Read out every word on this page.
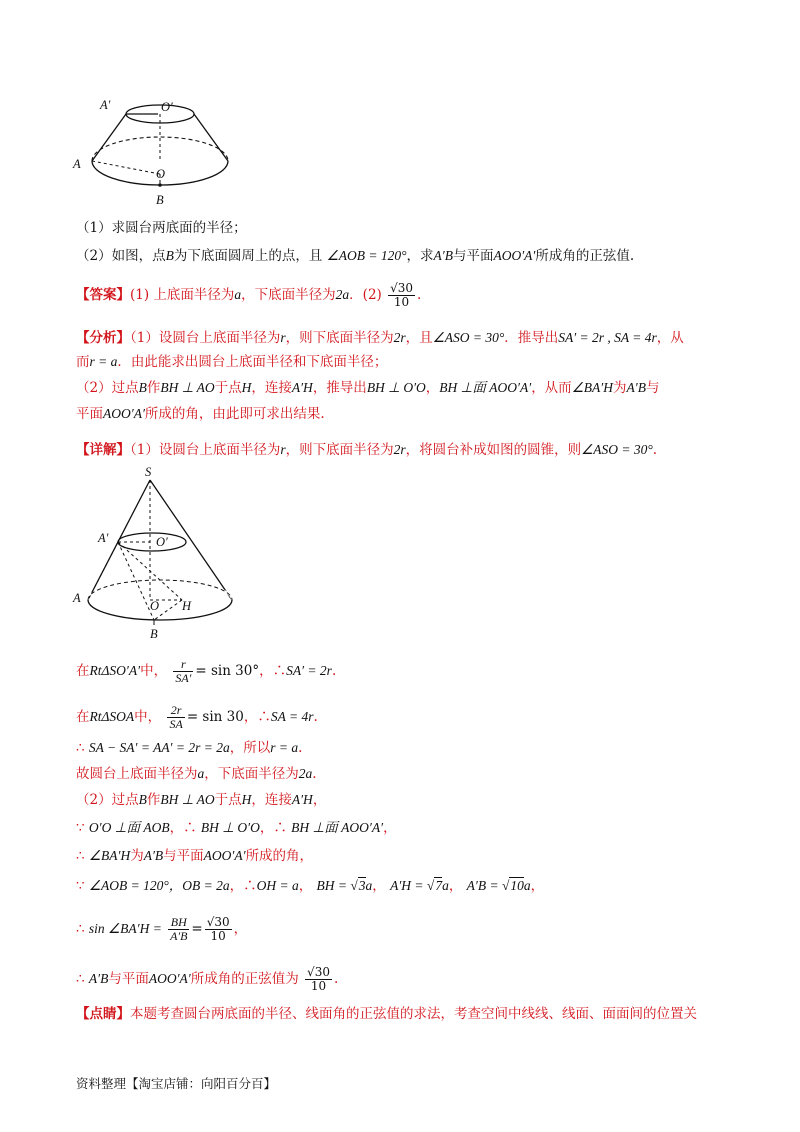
A′	O′
A
O
B
（1）求圆台两底面的半径；
（2）如图，点B为下底面圆周上的点，且 ∠AOB = 120°，求A′B与平面AOO′A′所成角的正弦值.
【答案】(1) 上底面半径为a，下底面半径为2a．$(2) \frac{√30}{10}$ .
【分析】（1）设圆台上底面半径为r，则下底面半径为2r，且∠ASO = 30°．推导出SA′ = 2r , SA = 4r，从
而r = a．由此能求出圆台上底面半径和下底面半径；
（2）过点B作BH ⊥ AO于点H，连接A′H，推导出BH ⊥ O′O，BH ⊥面 AOO′A′，从而∠BA′H为A′B与
平面AOO′A′所成的角，由此即可求出结果.
【详解】（1）设圆台上底面半径为r，则下底面半径为2r，将圆台补成如图的圆锥，则∠ASO = 30°.
S
A′	O′
A
O H
B
在RtΔSO′A′中， $\frac{r}{SA'} = \sin 30^\circ$，∴SA′ = 2r.
在RtΔSOA中， $\frac{2r}{SA} = \sin 30$，∴SA = 4r.
∴ SA − SA′ = AA′ = 2r = 2a，所以r = a.
故圆台上底面半径为a，下底面半径为2a.
（2）过点B作BH ⊥ AO于点H，连接A′H，
∵ O′O ⊥面 AOB，∴ BH ⊥ O′O，∴ BH ⊥面 AOO′A′，
∴ ∠BA′H为A′B与平面AOO′A′所成的角，
∵ ∠AOB = 120°，OB = 2a，∴OH = a， BH = √3a， A′H = √7a， A′B = √10a，
∴ sin ∠BA′H = $\frac{BH}{A'B} = \frac{√30}{10}$ ，
∴ A′B与平面AOO′A′所成角的正弦值为 $\frac{√30}{10}$ .
【点睛】本题考查圆台两底面的半径、线面角的正弦值的求法，考查空间中线线、线面、面面间的位置关
资料整理【淘宝店铺：向阳百分百】
